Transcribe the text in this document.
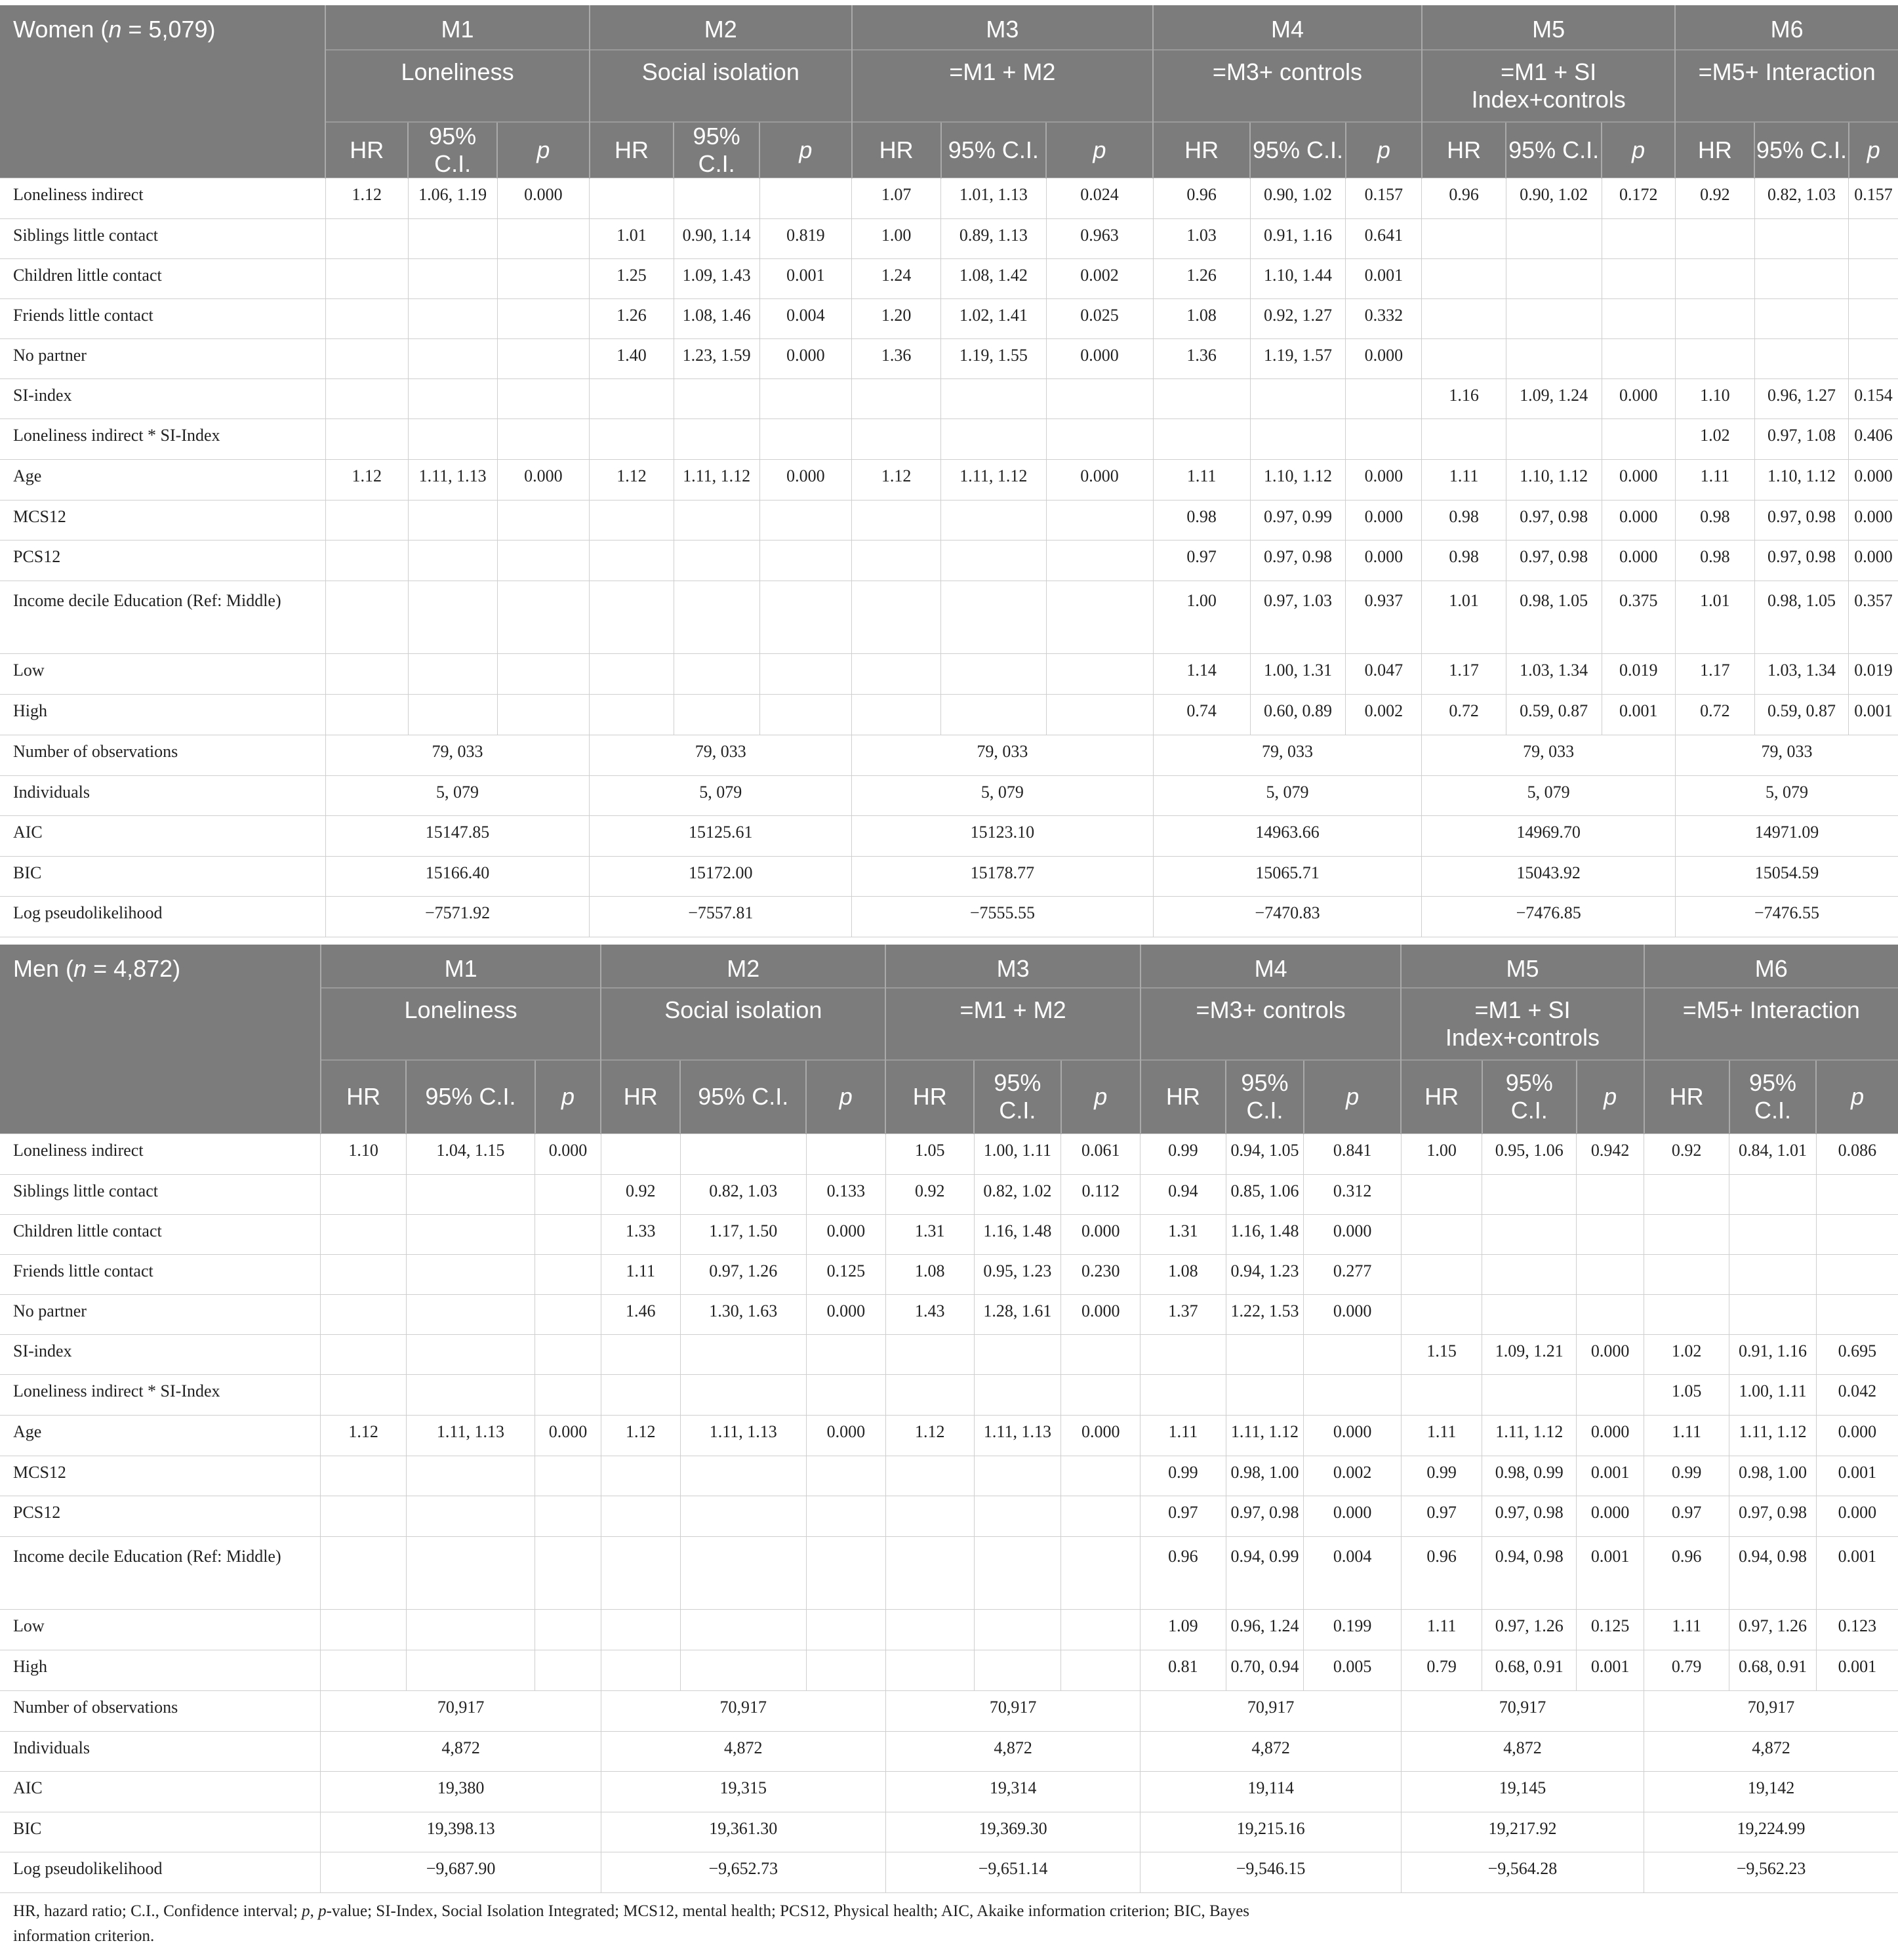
Women (n = 5,079)	M1			M2			M3			M4			M5			M6		
	Loneliness			Social isolation			=M1 + M2			=M3+ controls			=M1 + SI Index+controls			=M5+ Interaction		
	HR	95% C.I.	p	HR	95% C.I.	p	HR	95% C.I.	p	HR	95% C.I.	p	HR	95% C.I.	p	HR	95% C.I.	p
Loneliness indirect	1.12	1.06, 1.19	0.000				1.07	1.01, 1.13	0.024	0.96	0.90, 1.02	0.157	0.96	0.90, 1.02	0.172	0.92	0.82, 1.03	0.157
Siblings little contact				1.01	0.90, 1.14	0.819	1.00	0.89, 1.13	0.963	1.03	0.91, 1.16	0.641						
Children little contact				1.25	1.09, 1.43	0.001	1.24	1.08, 1.42	0.002	1.26	1.10, 1.44	0.001						
Friends little contact				1.26	1.08, 1.46	0.004	1.20	1.02, 1.41	0.025	1.08	0.92, 1.27	0.332						
No partner				1.40	1.23, 1.59	0.000	1.36	1.19, 1.55	0.000	1.36	1.19, 1.57	0.000						
SI-index													1.16	1.09, 1.24	0.000	1.10	0.96, 1.27	0.154
Loneliness indirect * SI-Index																1.02	0.97, 1.08	0.406
Age	1.12	1.11, 1.13	0.000	1.12	1.11, 1.12	0.000	1.12	1.11, 1.12	0.000	1.11	1.10, 1.12	0.000	1.11	1.10, 1.12	0.000	1.11	1.10, 1.12	0.000
MCS12										0.98	0.97, 0.99	0.000	0.98	0.97, 0.98	0.000	0.98	0.97, 0.98	0.000
PCS12										0.97	0.97, 0.98	0.000	0.98	0.97, 0.98	0.000	0.98	0.97, 0.98	0.000
Income decile Education (Ref: Middle)										1.00	0.97, 1.03	0.937	1.01	0.98, 1.05	0.375	1.01	0.98, 1.05	0.357
Low										1.14	1.00, 1.31	0.047	1.17	1.03, 1.34	0.019	1.17	1.03, 1.34	0.019
High										0.74	0.60, 0.89	0.002	0.72	0.59, 0.87	0.001	0.72	0.59, 0.87	0.001
Number of observations	79, 033			79, 033			79, 033			79, 033			79, 033			79, 033		
Individuals	5, 079			5, 079			5, 079			5, 079			5, 079			5, 079		
AIC	15147.85			15125.61			15123.10			14963.66			14969.70			14971.09		
BIC	15166.40			15172.00			15178.77			15065.71			15043.92			15054.59		
Log pseudolikelihood	−7571.92			−7557.81			−7555.55			−7470.83			−7476.85			−7476.55		
Men (n = 4,872)	M1			M2			M3			M4			M5			M6		
	Loneliness			Social isolation			=M1 + M2			=M3+ controls			=M1 + SI Index+controls			=M5+ Interaction		
	HR	95% C.I.	p	HR	95% C.I.	p	HR	95% C.I.	p	HR	95% C.I.	p	HR	95% C.I.	p	HR	95% C.I.	p
Loneliness indirect	1.10	1.04, 1.15	0.000				1.05	1.00, 1.11	0.061	0.99	0.94, 1.05	0.841	1.00	0.95, 1.06	0.942	0.92	0.84, 1.01	0.086
Siblings little contact				0.92	0.82, 1.03	0.133	0.92	0.82, 1.02	0.112	0.94	0.85, 1.06	0.312						
Children little contact				1.33	1.17, 1.50	0.000	1.31	1.16, 1.48	0.000	1.31	1.16, 1.48	0.000						
Friends little contact				1.11	0.97, 1.26	0.125	1.08	0.95, 1.23	0.230	1.08	0.94, 1.23	0.277						
No partner				1.46	1.30, 1.63	0.000	1.43	1.28, 1.61	0.000	1.37	1.22, 1.53	0.000						
SI-index													1.15	1.09, 1.21	0.000	1.02	0.91, 1.16	0.695
Loneliness indirect * SI-Index																1.05	1.00, 1.11	0.042
Age	1.12	1.11, 1.13	0.000	1.12	1.11, 1.13	0.000	1.12	1.11, 1.13	0.000	1.11	1.11, 1.12	0.000	1.11	1.11, 1.12	0.000	1.11	1.11, 1.12	0.000
MCS12										0.99	0.98, 1.00	0.002	0.99	0.98, 0.99	0.001	0.99	0.98, 1.00	0.001
PCS12										0.97	0.97, 0.98	0.000	0.97	0.97, 0.98	0.000	0.97	0.97, 0.98	0.000
Income decile Education (Ref: Middle)										0.96	0.94, 0.99	0.004	0.96	0.94, 0.98	0.001	0.96	0.94, 0.98	0.001
Low										1.09	0.96, 1.24	0.199	1.11	0.97, 1.26	0.125	1.11	0.97, 1.26	0.123
High										0.81	0.70, 0.94	0.005	0.79	0.68, 0.91	0.001	0.79	0.68, 0.91	0.001
Number of observations	70,917			70,917			70,917			70,917			70,917			70,917		
Individuals	4,872			4,872			4,872			4,872			4,872			4,872		
AIC	19,380			19,315			19,314			19,114			19,145			19,142		
BIC	19,398.13			19,361.30			19,369.30			19,215.16			19,217.92			19,224.99		
Log pseudolikelihood	−9,687.90			−9,652.73			−9,651.14			−9,546.15			−9,564.28			−9,562.23		
HR, hazard ratio; C.I., Confidence interval; p, p-value; SI-Index, Social Isolation Integrated; MCS12, mental health; PCS12, Physical health; AIC, Akaike information criterion; BIC, Bayes information criterion.
